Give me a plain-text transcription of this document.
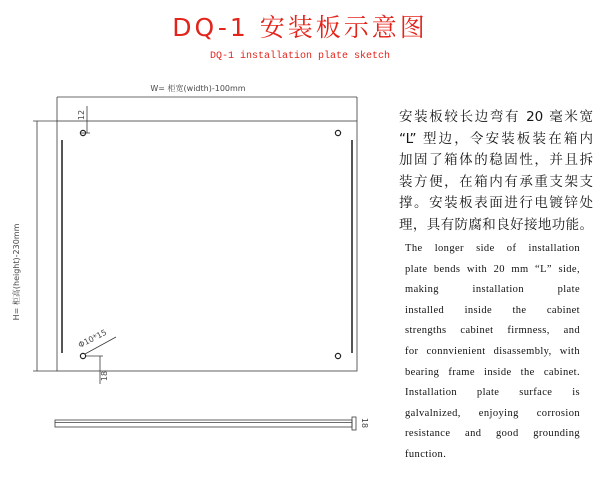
DQ-1 安装板示意图
DQ-1 installation plate sketch
W= 柜宽(width)-100mm
H= 柜高(height)-230mm
12
Φ10*15
18
18
安装板较长边弯有 20 毫米宽
“L” 型边，令安装板装在箱内
加固了箱体的稳固性，并且拆
装方便，在箱内有承重支架支
撑。安装板表面进行电镀锌处
理，具有防腐和良好接地功能。
The longer side of installation
plate bends with 20 mm “L” side,
making installation plate
installed inside the cabinet
strengths cabinet firmness, and
for connvienient disassembly, with
bearing frame inside the cabinet.
Installation plate surface is
galvalnized, enjoying corrosion
resistance and good grounding
function.
